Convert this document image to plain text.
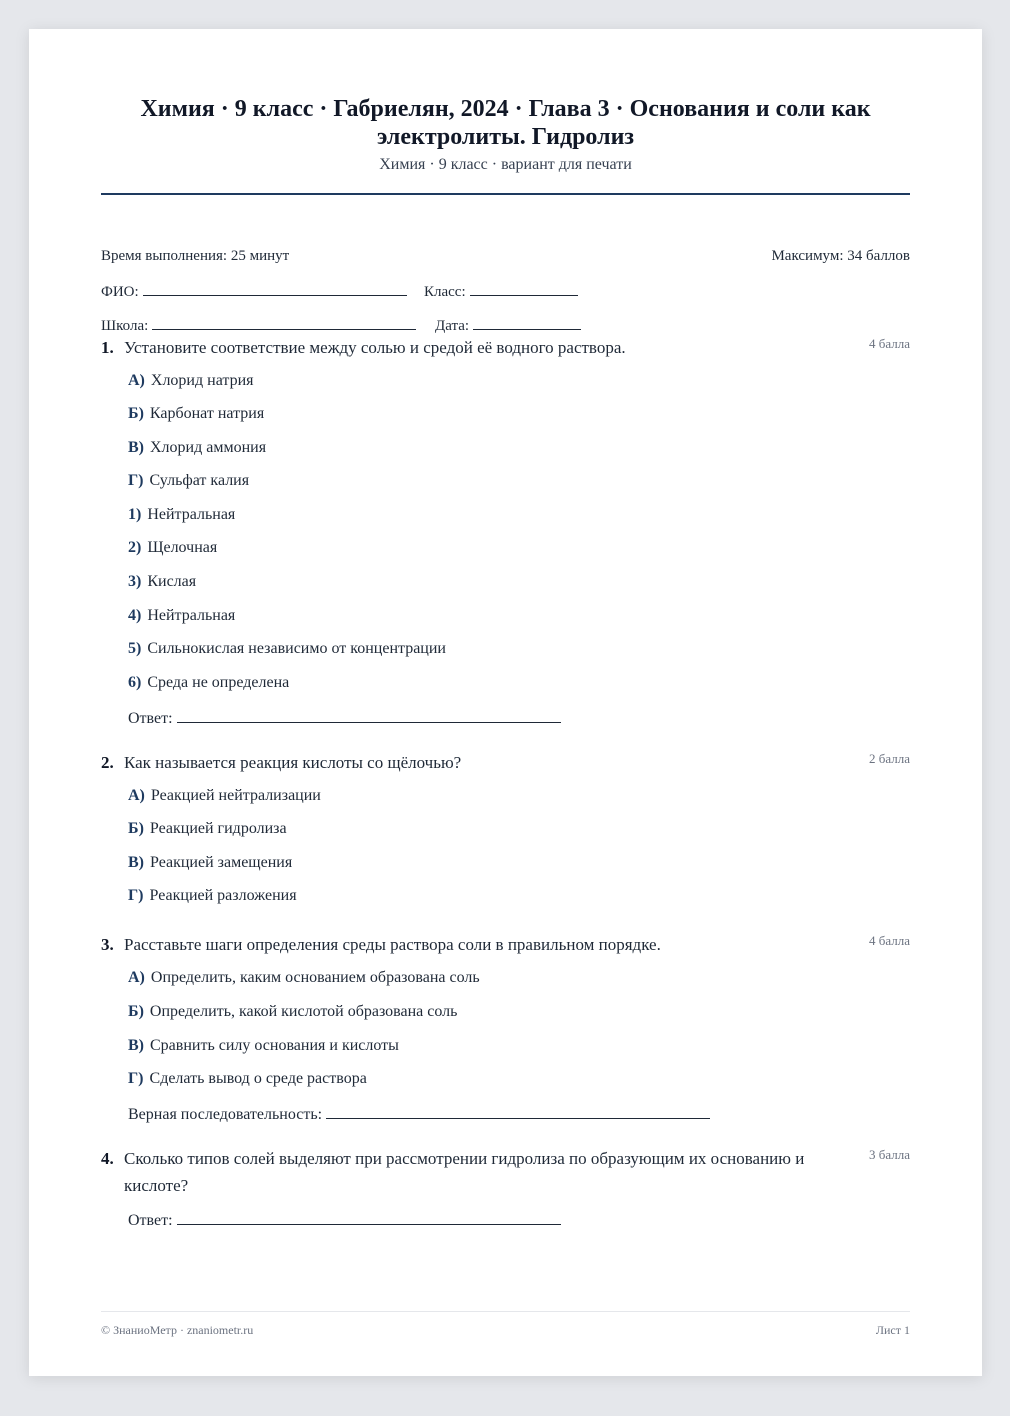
Химия · 9 класс · Габриелян, 2024 · Глава 3 · Основания и соли как электролиты. Гидролиз
Химия · 9 класс · вариант для печати
Время выполнения: 25 минут	Максимум: 34 баллов
ФИО:	Класс:
Школа:	Дата:
1. Установите соответствие между солью и средой её водного раствора.	4 балла
А) Хлорид натрия
Б) Карбонат натрия
В) Хлорид аммония
Г) Сульфат калия
1) Нейтральная
2) Щелочная
3) Кислая
4) Нейтральная
5) Сильнокислая независимо от концентрации
6) Среда не определена
Ответ:
2. Как называется реакция кислоты со щёлочью?	2 балла
А) Реакцией нейтрализации
Б) Реакцией гидролиза
В) Реакцией замещения
Г) Реакцией разложения
3. Расставьте шаги определения среды раствора соли в правильном порядке.	4 балла
А) Определить, каким основанием образована соль
Б) Определить, какой кислотой образована соль
В) Сравнить силу основания и кислоты
Г) Сделать вывод о среде раствора
Верная последовательность:
4. Сколько типов солей выделяют при рассмотрении гидролиза по образующим их основанию и кислоте?
3 балла
Ответ:
© ЗнаниоМетр · znaniometr.ru	Лист 1
